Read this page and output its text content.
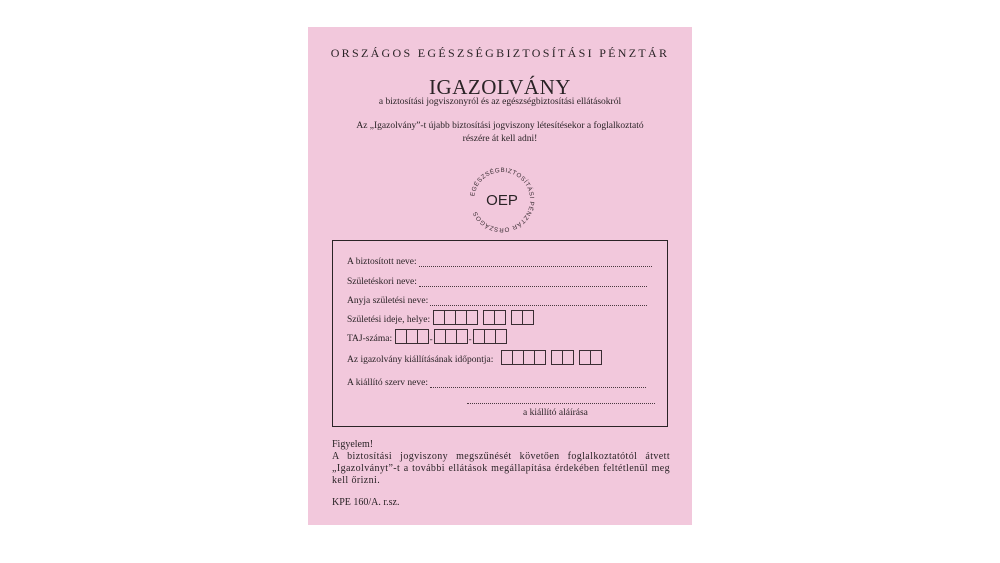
ORSZÁGOS EGÉSZSÉGBIZTOSÍTÁSI PÉNZTÁR
IGAZOLVÁNY
a biztosítási jogviszonyról és az egészségbiztosítási ellátásokról
Az „Igazolvány”-t újabb biztosítási jogviszony létesítésekor a foglalkoztató
részére át kell adni!
EGÉSZSÉGBIZTOSÍTÁSI PÉNZTÁR ORSZÁGOS
OEP
A biztosított neve:
Születéskori neve:
Anyja születési neve:
Születési ideje, helye:
TAJ-száma:	-	-
Az igazolvány kiállításának időpontja:
A kiállító szerv neve:
a kiállító aláírása
Figyelem!
A biztosítási jogviszony megszűnését követően foglalkoztatótól átvett „Igazolványt”-t a további ellátások megállapítása érdekében feltétlenül meg kell őrizni.
KPE 160/A. r.sz.
